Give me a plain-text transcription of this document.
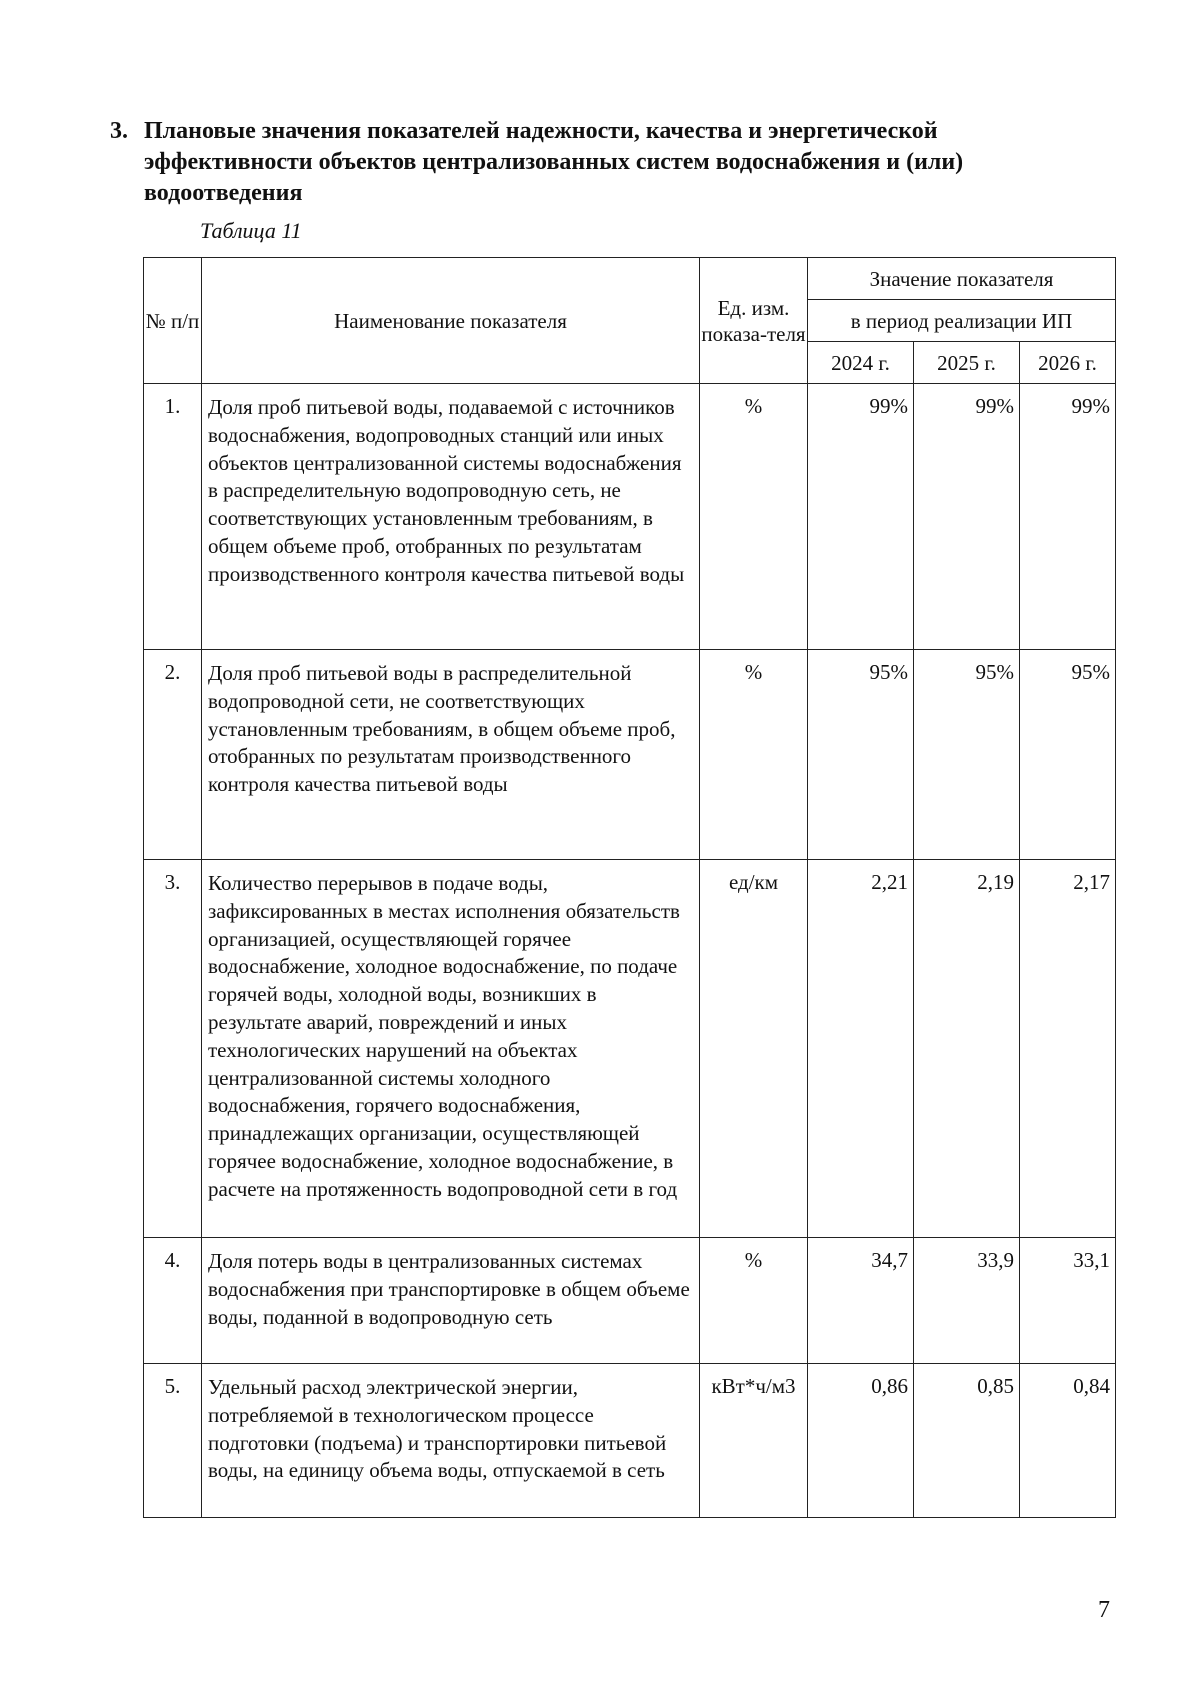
3. Плановые значения показателей надежности, качества и энергетической эффективности объектов централизованных систем водоснабжения и (или) водоотведения
Таблица 11
№ п/п	Наименование показателя	Ед. изм. показа-теля	Значение показателя		
			в период реализации ИП		
			2024 г.	2025 г.	2026 г.
1.	Доля проб питьевой воды, подаваемой с источников водоснабжения, водопроводных станций или иных объектов централизованной системы водоснабжения в распределительную водопроводную сеть, не соответствующих установленным требованиям, в общем объеме проб, отобранных по результатам производственного контроля качества питьевой воды	%	99%	99%	99%
2.	Доля проб питьевой воды в распределительной водопроводной сети, не соответствующих установленным требованиям, в общем объеме проб, отобранных по результатам производственного контроля качества питьевой воды	%	95%	95%	95%
3.	Количество перерывов в подаче воды, зафиксированных в местах исполнения обязательств организацией, осуществляющей горячее водоснабжение, холодное водоснабжение, по подаче горячей воды, холодной воды, возникших в результате аварий, повреждений и иных технологических нарушений на объектах централизованной системы холодного водоснабжения, горячего водоснабжения, принадлежащих организации, осуществляющей горячее водоснабжение, холодное водоснабжение, в расчете на протяженность водопроводной сети в год	ед/км	2,21	2,19	2,17
4.	Доля потерь воды в централизованных системах водоснабжения при транспортировке в общем объеме воды, поданной в водопроводную сеть	%	34,7	33,9	33,1
5.	Удельный расход электрической энергии, потребляемой в технологическом процессе подготовки (подъема) и транспортировки питьевой воды, на единицу объема воды, отпускаемой в сеть	кВт*ч/м3	0,86	0,85	0,84
7
